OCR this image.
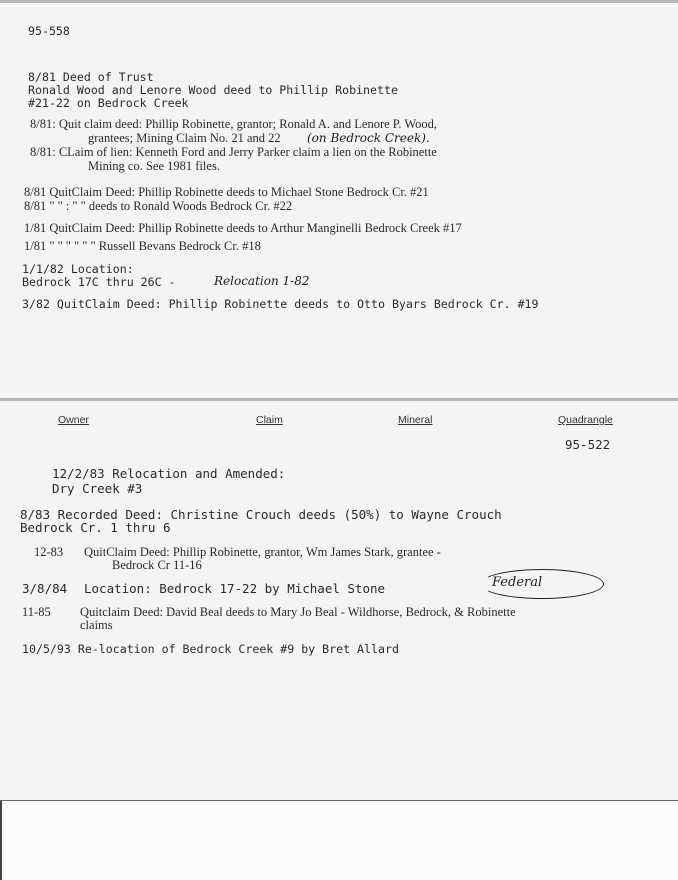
95-558
8/81 Deed of Trust
Ronald Wood and Lenore Wood deed to Phillip Robinette
#21-22 on Bedrock Creek
8/81: Quit claim deed: Phillip Robinette, grantor; Ronald A. and Lenore P. Wood,
grantees; Mining Claim No. 21 and 22 (on Bedrock Creek).
8/81: CLaim of lien: Kenneth Ford and Jerry Parker claim a lien on the Robinette
Mining co. See 1981 files.
8/81 QuitClaim Deed: Phillip Robinette deeds to Michael Stone Bedrock Cr. #21
8/81 " " : " " deeds to Ronald Woods Bedrock Cr. #22
1/81 QuitClaim Deed: Phillip Robinette deeds to Arthur Manginelli Bedrock Creek #17
1/81 " " " " " " Russell Bevans Bedrock Cr. #18
1/1/82 Location:
Bedrock 17C thru 26C -	Relocation 1-82
3/82 QuitClaim Deed: Phillip Robinette deeds to Otto Byars Bedrock Cr. #19
Owner	Claim	Mineral	Quadrangle
95-522
12/2/83 Relocation and Amended:
Dry Creek #3
8/83 Recorded Deed: Christine Crouch deeds (50%) to Wayne Crouch
Bedrock Cr. 1 thru 6
12-83 QuitClaim Deed: Phillip Robinette, grantor, Wm James Stark, grantee -
Bedrock Cr 11-16
3/8/84 Location: Bedrock 17-22 by Michael Stone	Federal
11-85 Quitclaim Deed: David Beal deeds to Mary Jo Beal - Wildhorse, Bedrock, & Robinette
claims
10/5/93 Re-location of Bedrock Creek #9 by Bret Allard
